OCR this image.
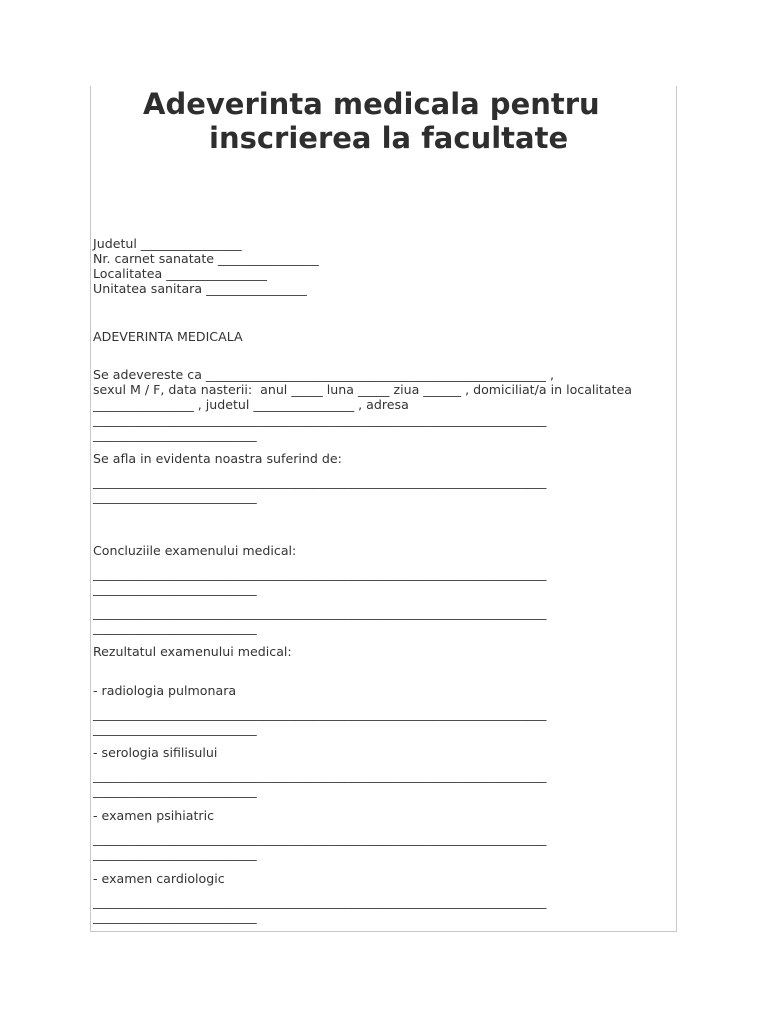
Adeverinta medicala pentru
inscrierea la facultate
Judetul ________________
Nr. carnet sanatate ________________
Localitatea ________________
Unitatea sanitara ________________
ADEVERINTA MEDICALA
Se adevereste ca ______________________________________________________ ,
sexul M / F, data nasterii:  anul _____ luna _____ ziua ______ , domiciliat/a in localitatea
________________ , judetul ________________ , adresa
________________________________________________________________________
__________________________
Se afla in evidenta noastra suferind de:
________________________________________________________________________
__________________________
Concluziile examenului medical:
________________________________________________________________________
__________________________
________________________________________________________________________
__________________________
Rezultatul examenului medical:
- radiologia pulmonara
________________________________________________________________________
__________________________
- serologia sifilisului
________________________________________________________________________
__________________________
- examen psihiatric
________________________________________________________________________
__________________________
- examen cardiologic
________________________________________________________________________
__________________________
